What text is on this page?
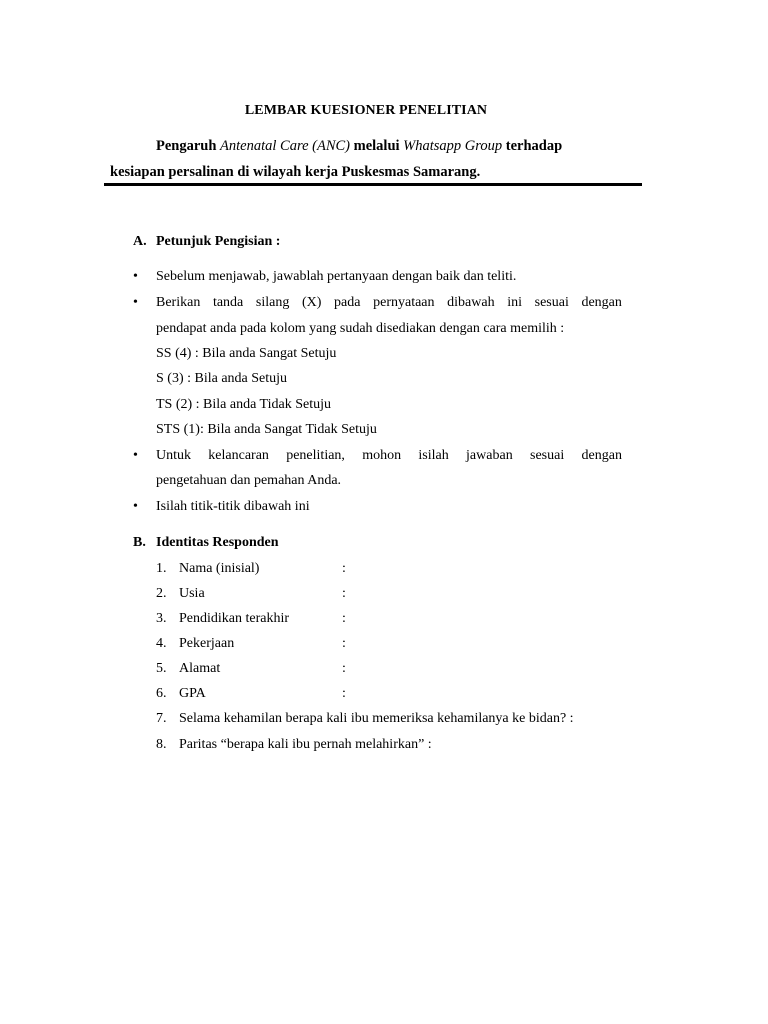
LEMBAR KUESIONER PENELITIAN
Pengaruh Antenatal Care (ANC) melalui Whatsapp Group terhadap
kesiapan persalinan di wilayah kerja Puskesmas Samarang.
A. Petunjuk Pengisian :
• Sebelum menjawab, jawablah pertanyaan dengan baik dan teliti.
• Berikan tanda silang (X) pada pernyataan dibawah ini sesuai dengan
pendapat anda pada kolom yang sudah disediakan dengan cara memilih :
SS (4) : Bila anda Sangat Setuju
S (3) : Bila anda Setuju
TS (2) : Bila anda Tidak Setuju
STS (1): Bila anda Sangat Tidak Setuju
• Untuk kelancaran penelitian, mohon isilah jawaban sesuai dengan
pengetahuan dan pemahan Anda.
• Isilah titik-titik dibawah ini
B. Identitas Responden
1. Nama (inisial)	:
2. Usia	:
3. Pendidikan terakhir	:
4. Pekerjaan	:
5. Alamat	:
6. GPA	:
7. Selama kehamilan berapa kali ibu memeriksa kehamilanya ke bidan? :
8. Paritas “berapa kali ibu pernah melahirkan” :
